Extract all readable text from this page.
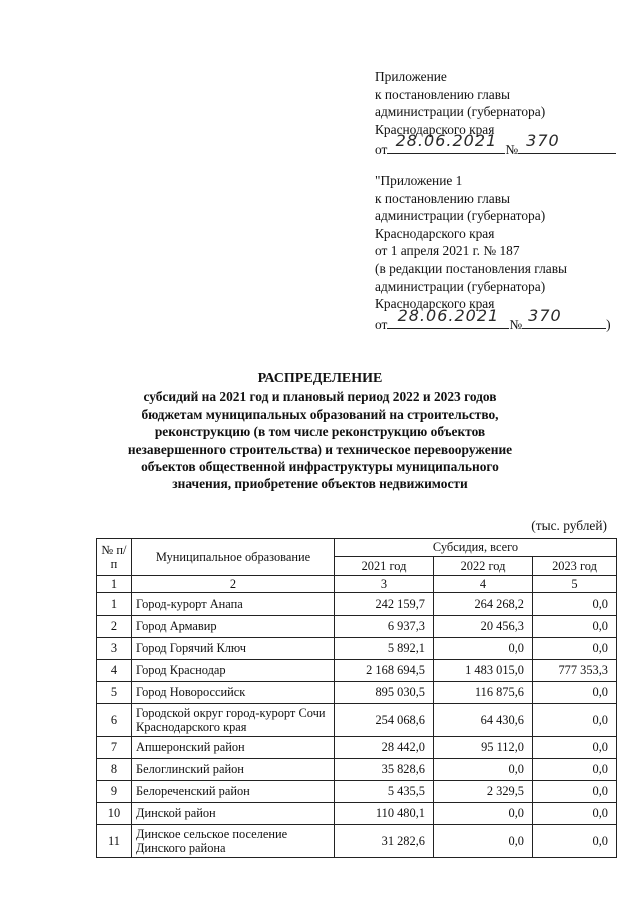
Приложение
к постановлению главы
администрации (губернатора)
Краснодарского края
от 28.06.2021 № 370
"Приложение 1
к постановлению главы
администрации (губернатора)
Краснодарского края
от 1 апреля 2021 г. № 187
(в редакции постановления главы
администрации (губернатора)
Краснодарского края
от 28.06.2021 № 370	)
РАСПРЕДЕЛЕНИЕ
субсидий на 2021 год и плановый период 2022 и 2023 годов
бюджетам муниципальных образований на строительство,
реконструкцию (в том числе реконструкцию объектов
незавершенного строительства) и техническое перевооружение
объектов общественной инфраструктуры муниципального
значения, приобретение объектов недвижимости
(тыс. рублей)
№ п/п	Муниципальное образование	Субсидия, всего		
		2021 год	2022 год	2023 год
1	2	3	4	5
1	Город-курорт Анапа	242 159,7	264 268,2	0,0
2	Город Армавир	6 937,3	20 456,3	0,0
3	Город Горячий Ключ	5 892,1	0,0	0,0
4	Город Краснодар	2 168 694,5	1 483 015,0	777 353,3
5	Город Новороссийск	895 030,5	116 875,6	0,0
6	Городской округ город-курорт Сочи Краснодарского края	254 068,6	64 430,6	0,0
7	Апшеронский район	28 442,0	95 112,0	0,0
8	Белоглинский район	35 828,6	0,0	0,0
9	Белореченский район	5 435,5	2 329,5	0,0
10	Динской район	110 480,1	0,0	0,0
11	Динское сельское поселение Динского района	31 282,6	0,0	0,0
